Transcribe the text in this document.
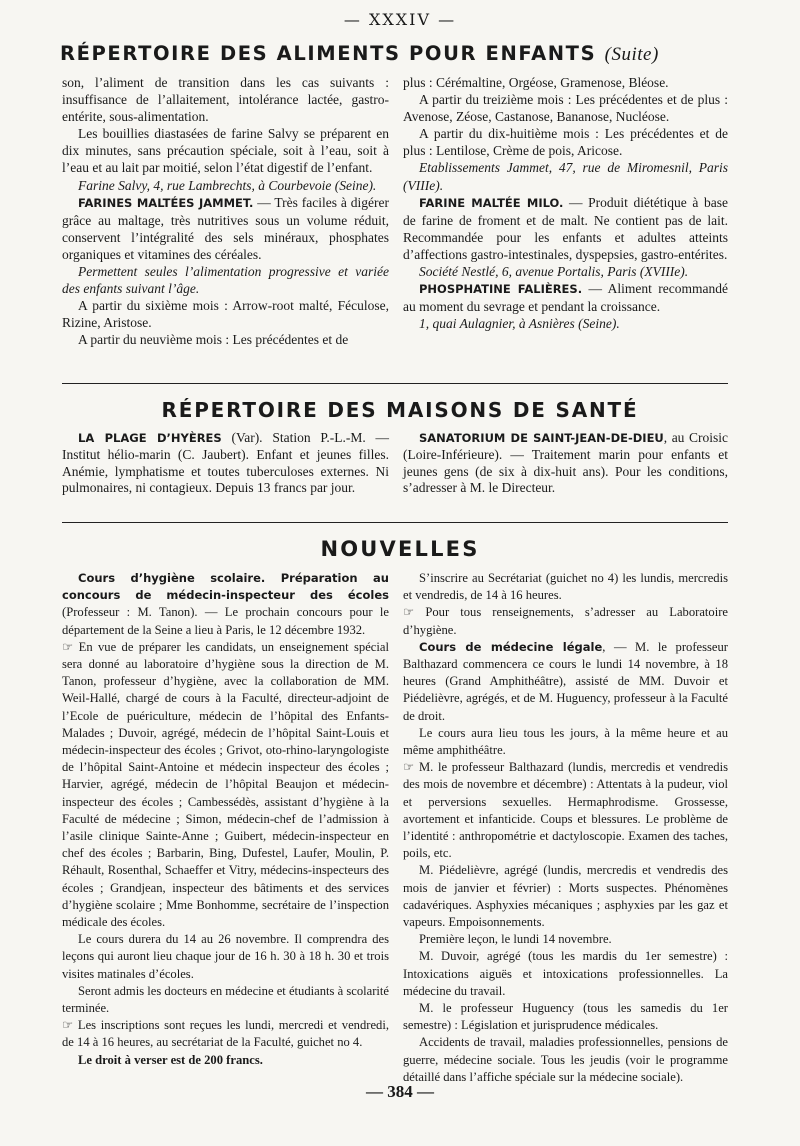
— XXXIV —
RÉPERTOIRE DES ALIMENTS POUR ENFANTS (Suite)

son, l’aliment de transition dans les cas suivants : insuffisance de l’allaitement, intolérance lactée, gastro-entérite, sous-alimentation.

Les bouillies diastasées de farine Salvy se préparent en dix minutes, sans précaution spéciale, soit à l’eau, soit à l’eau et au lait par moitié, selon l’état digestif de l’enfant.

Farine Salvy, 4, rue Lambrechts, à Courbevoie (Seine).

FARINES MALTÉES JAMMET. — Très faciles à digérer grâce au maltage, très nutritives sous un volume réduit, conservent l’intégralité des sels minéraux, phosphates organiques et vitamines des céréales.

Permettent seules l’alimentation progressive et variée des enfants suivant l’âge.

A partir du sixième mois : Arrow-root malté, Féculose, Rizine, Aristose.

A partir du neuvième mois : Les précédentes et de

plus : Cérémaltine, Orgéose, Gramenose, Bléose.

A partir du treizième mois : Les précédentes et de plus : Avenose, Zéose, Castanose, Bananose, Nucléose.

A partir du dix-huitième mois : Les précédentes et de plus : Lentilose, Crème de pois, Aricose.

Etablissements Jammet, 47, rue de Miromesnil, Paris (VIIIe).

FARINE MALTÉE MILO. — Produit diététique à base de farine de froment et de malt. Ne contient pas de lait. Recommandée pour les enfants et adultes atteints d’affections gastro-intestinales, dyspepsies, gastro-entérites.

Société Nestlé, 6, avenue Portalis, Paris (XVIIIe).

PHOSPHATINE FALIÈRES. — Aliment recommandé au moment du sevrage et pendant la croissance.

1, quai Aulagnier, à Asnières (Seine).

RÉPERTOIRE DES MAISONS DE SANTÉ

LA PLAGE D’HYÈRES (Var). Station P.-L.-M. — Institut hélio-marin (C. Jaubert). Enfant et jeunes filles. Anémie, lymphatisme et toutes tuberculoses externes. Ni pulmonaires, ni contagieux. Depuis 13 francs par jour.

SANATORIUM DE SAINT-JEAN-DE-DIEU, au Croisic (Loire-Inférieure). — Traitement marin pour enfants et jeunes gens (de six à dix-huit ans). Pour les conditions, s’adresser à M. le Directeur.

NOUVELLES

Cours d’hygiène scolaire. Préparation au concours de médecin-inspecteur des écoles (Professeur : M. Tanon). — Le prochain concours pour le département de la Seine a lieu à Paris, le 12 décembre 1932.

☞ En vue de préparer les candidats, un enseignement spécial sera donné au laboratoire d’hygiène sous la direction de M. Tanon, professeur d’hygiène, avec la collaboration de MM. Weil-Hallé, chargé de cours à la Faculté, directeur-adjoint de l’Ecole de puériculture, médecin de l’hôpital des Enfants-Malades ; Duvoir, agrégé, médecin de l’hôpital Saint-Louis et médecin-inspecteur des écoles ; Grivot, oto-rhino-laryngologiste de l’hôpital Saint-Antoine et médecin inspecteur des écoles ; Harvier, agrégé, médecin de l’hôpital Beaujon et médecin-inspecteur des écoles ; Cambessédès, assistant d’hygiène à la Faculté de médecine ; Simon, médecin-chef de l’admission à l’asile clinique Sainte-Anne ; Guibert, médecin-inspecteur en chef des écoles ; Barbarin, Bing, Dufestel, Laufer, Moulin, P. Réhault, Rosenthal, Schaeffer et Vitry, médecins-inspecteurs des écoles ; Grandjean, inspecteur des bâtiments et des services d’hygiène scolaire ; Mme Bonhomme, secrétaire de l’inspection médicale des écoles.

Le cours durera du 14 au 26 novembre. Il comprendra des leçons qui auront lieu chaque jour de 16 h. 30 à 18 h. 30 et trois visites matinales d’écoles.

Seront admis les docteurs en médecine et étudiants à scolarité terminée.

☞ Les inscriptions sont reçues les lundi, mercredi et vendredi, de 14 à 16 heures, au secrétariat de la Faculté, guichet no 4.

Le droit à verser est de 200 francs.

S’inscrire au Secrétariat (guichet no 4) les lundis, mercredis et vendredis, de 14 à 16 heures.

☞ Pour tous renseignements, s’adresser au Laboratoire d’hygiène.

Cours de médecine légale, — M. le professeur Balthazard commencera ce cours le lundi 14 novembre, à 18 heures (Grand Amphithéâtre), assisté de MM. Duvoir et Piédelièvre, agrégés, et de M. Huguency, professeur à la Faculté de droit.

Le cours aura lieu tous les jours, à la même heure et au même amphithéâtre.

☞ M. le professeur Balthazard (lundis, mercredis et vendredis des mois de novembre et décembre) : Attentats à la pudeur, viol et perversions sexuelles. Hermaphrodisme. Grossesse, avortement et infanticide. Coups et blessures. Le problème de l’identité : anthropométrie et dactyloscopie. Examen des taches, poils, etc.

M. Piédelièvre, agrégé (lundis, mercredis et vendredis des mois de janvier et février) : Morts suspectes. Phénomènes cadavériques. Asphyxies mécaniques ; asphyxies par les gaz et vapeurs. Empoisonnements.

Première leçon, le lundi 14 novembre.

M. Duvoir, agrégé (tous les mardis du 1er semestre) : Intoxications aiguës et intoxications professionnelles. La médecine du travail.

M. le professeur Huguency (tous les samedis du 1er semestre) : Législation et jurisprudence médicales.

Accidents de travail, maladies professionnelles, pensions de guerre, médecine sociale. Tous les jeudis (voir le programme détaillé dans l’affiche spéciale sur la médecine sociale).

— 384 —
